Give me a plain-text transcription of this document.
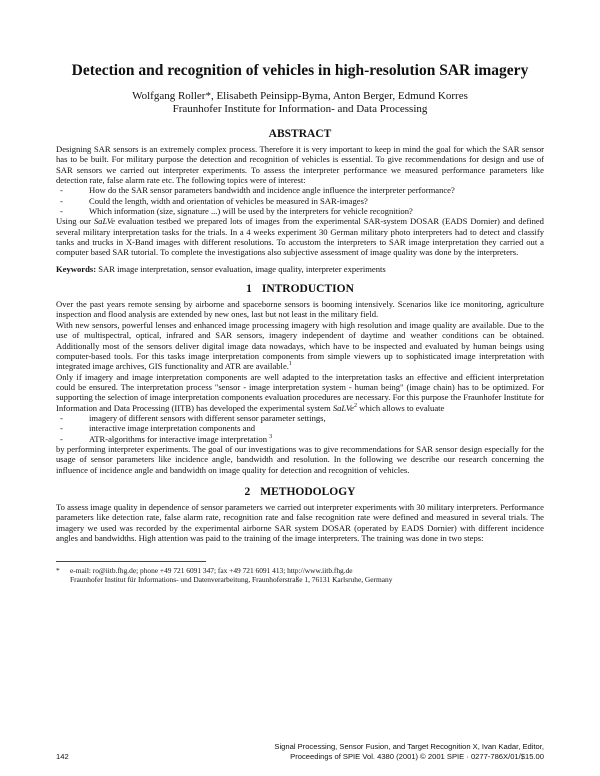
Detection and recognition of vehicles in high-resolution SAR imagery
Wolfgang Roller*, Elisabeth Peinsipp-Byma, Anton Berger, Edmund Korres
Fraunhofer Institute for Information- and Data Processing
ABSTRACT

Designing SAR sensors is an extremely complex process. Therefore it is very important to keep in mind the goal for which the SAR sensor has to be built. For military purpose the detection and recognition of vehicles is essential. To give recommendations for design and use of SAR sensors we carried out interpreter experiments. To assess the interpreter performance we measured performance parameters like detection rate, false alarm rate etc. The following topics were of interest:

- How do the SAR sensor parameters bandwidth and incidence angle influence the interpreter performance?
- Could the length, width and orientation of vehicles be measured in SAR-images?
- Which information (size, signature ...) will be used by the interpreters for vehicle recognition?

Using our SaLVe evaluation testbed we prepared lots of images from the experimental SAR-system DOSAR (EADS Dornier) and defined several military interpretation tasks for the trials. In a 4 weeks experiment 30 German military photo interpreters had to detect and classify tanks and trucks in X-Band images with different resolutions. To accustom the interpreters to SAR image interpretation they carried out a computer based SAR tutorial. To complete the investigations also subjective assessment of image quality was done by the interpreters.

Keywords: SAR image interpretation, sensor evaluation, image quality, interpreter experiments
1 INTRODUCTION

Over the past years remote sensing by airborne and spaceborne sensors is booming intensively. Scenarios like ice monitoring, agriculture inspection and flood analysis are extended by new ones, last but not least in the military field.

With new sensors, powerful lenses and enhanced image processing imagery with high resolution and image quality are available. Due to the use of multispectral, optical, infrared and SAR sensors, imagery independent of daytime and weather conditions can be obtained. Additionally most of the sensors deliver digital image data nowadays, which have to be inspected and evaluated by human beings using computer-based tools. For this tasks image interpretation components from simple viewers up to sophisticated image interpretation with integrated image archives, GIS functionality and ATR are available.$^1$

Only if imagery and image interpretation components are well adapted to the interpretation tasks an effective and efficient interpretation could be ensured. The interpretation process "sensor - image interpretation system - human being" (image chain) has to be optimized. For supporting the selection of image interpretation components evaluation procedures are necessary. For this purpose the Fraunhofer Institute for Information and Data Processing (IITB) has developed the experimental system SaLVe$^2$ which allows to evaluate

- imagery of different sensors with different sensor parameter settings,
- interactive image interpretation components and
- ATR-algorithms for interactive image interpretation $^3$

by performing interpreter experiments. The goal of our investigations was to give recommendations for SAR sensor design especially for the usage of sensor parameters like incidence angle, bandwidth and resolution. In the following we describe our research concerning the influence of incidence angle and bandwidth on image quality for detection and recognition of vehicles.

2 METHODOLOGY

To assess image quality in dependence of sensor parameters we carried out interpreter experiments with 30 military interpreters. Performance parameters like detection rate, false alarm rate, recognition rate and false recognition rate were defined and measured in several trials. The imagery we used was recorded by the experimental airborne SAR system DOSAR (operated by EADS Dornier) with different incidence angles and bandwidths. High attention was paid to the training of the image interpreters. The training was done in two steps:

* e-mail: ro@iitb.fhg.de; phone +49 721 6091 347; fax +49 721 6091 413; http://www.iitb.fhg.de
Fraunhofer Institut für Informations- und Datenverarbeitung, Fraunhoferstraße 1, 76131 Karlsruhe, Germany
Signal Processing, Sensor Fusion, and Target Recognition X, Ivan Kadar, Editor,
Proceedings of SPIE Vol. 4380 (2001) © 2001 SPIE · 0277-786X/01/$15.00
142
